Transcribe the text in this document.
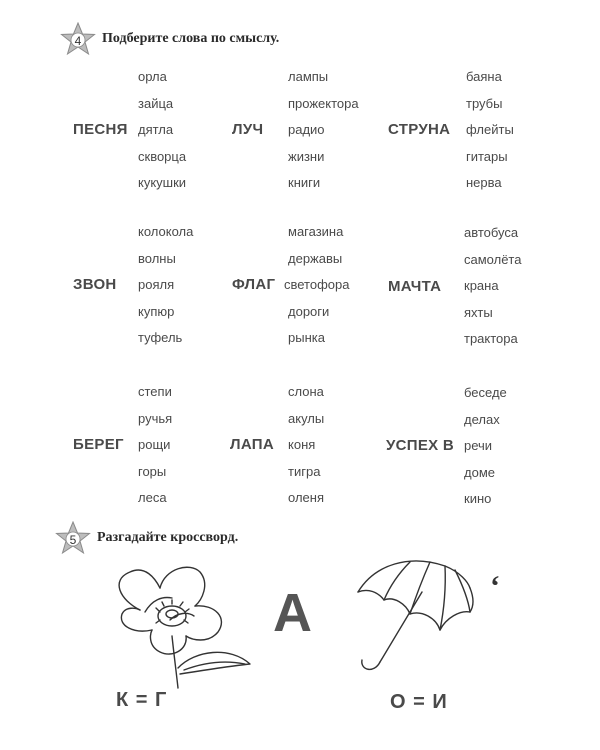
4	Подберите слова по смыслу.
ПЕСНЯ
орла
зайца
дятла
скворца
кукушки
ЛУЧ
лампы
прожектора
радио
жизни
книги
СТРУНА
баяна
трубы
флейты
гитары
нерва
ЗВОН
колокола
волны
рояля
купюр
туфель
ФЛАГ
магазина
державы
светофора
дороги
рынка
МАЧТА
автобуса
самолёта
крана
яхты
трактора
БЕРЕГ
степи
ручья
рощи
горы
леса
ЛАПА
слона
акулы
коня
тигра
оленя
УСПЕХ В
беседе
делах
речи
доме
кино
5	Разгадайте кроссворд.
А	‘
К = Г	О = И
